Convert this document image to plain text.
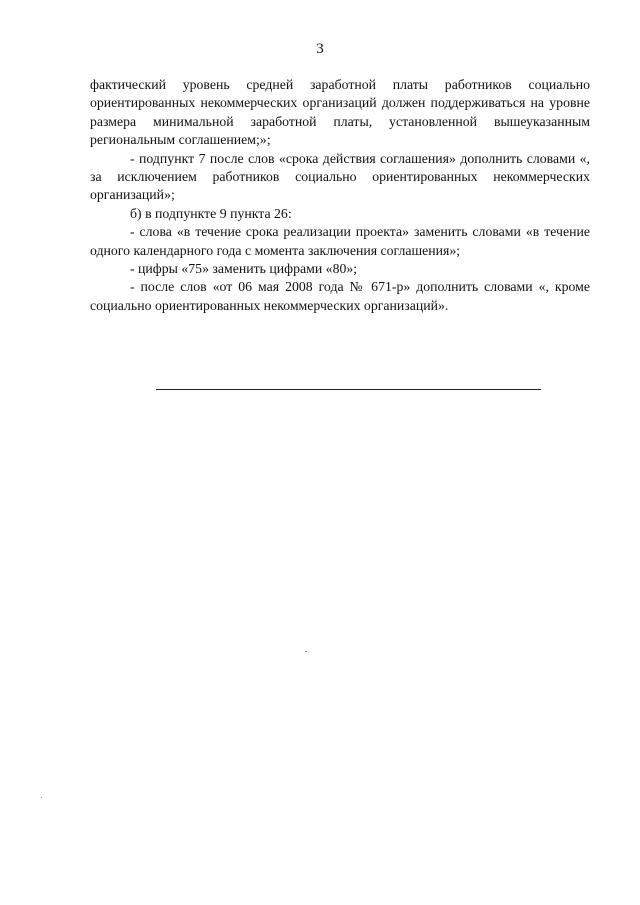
3

фактический уровень средней заработной платы работников социально ориентированных некоммерческих организаций должен поддерживаться на уровне размера минимальной заработной платы, установленной вышеуказанным региональным соглашением;»;

- подпункт 7 после слов «срока действия соглашения» дополнить словами «, за исключением работников социально ориентированных некоммерческих организаций»;

б) в подпункте 9 пункта 26:

- слова «в течение срока реализации проекта» заменить словами «в течение одного календарного года с момента заключения соглашения»;

- цифры «75» заменить цифрами «80»;

- после слов «от 06 мая 2008 года № 671-р» дополнить словами «, кроме социально ориентированных некоммерческих организаций».
